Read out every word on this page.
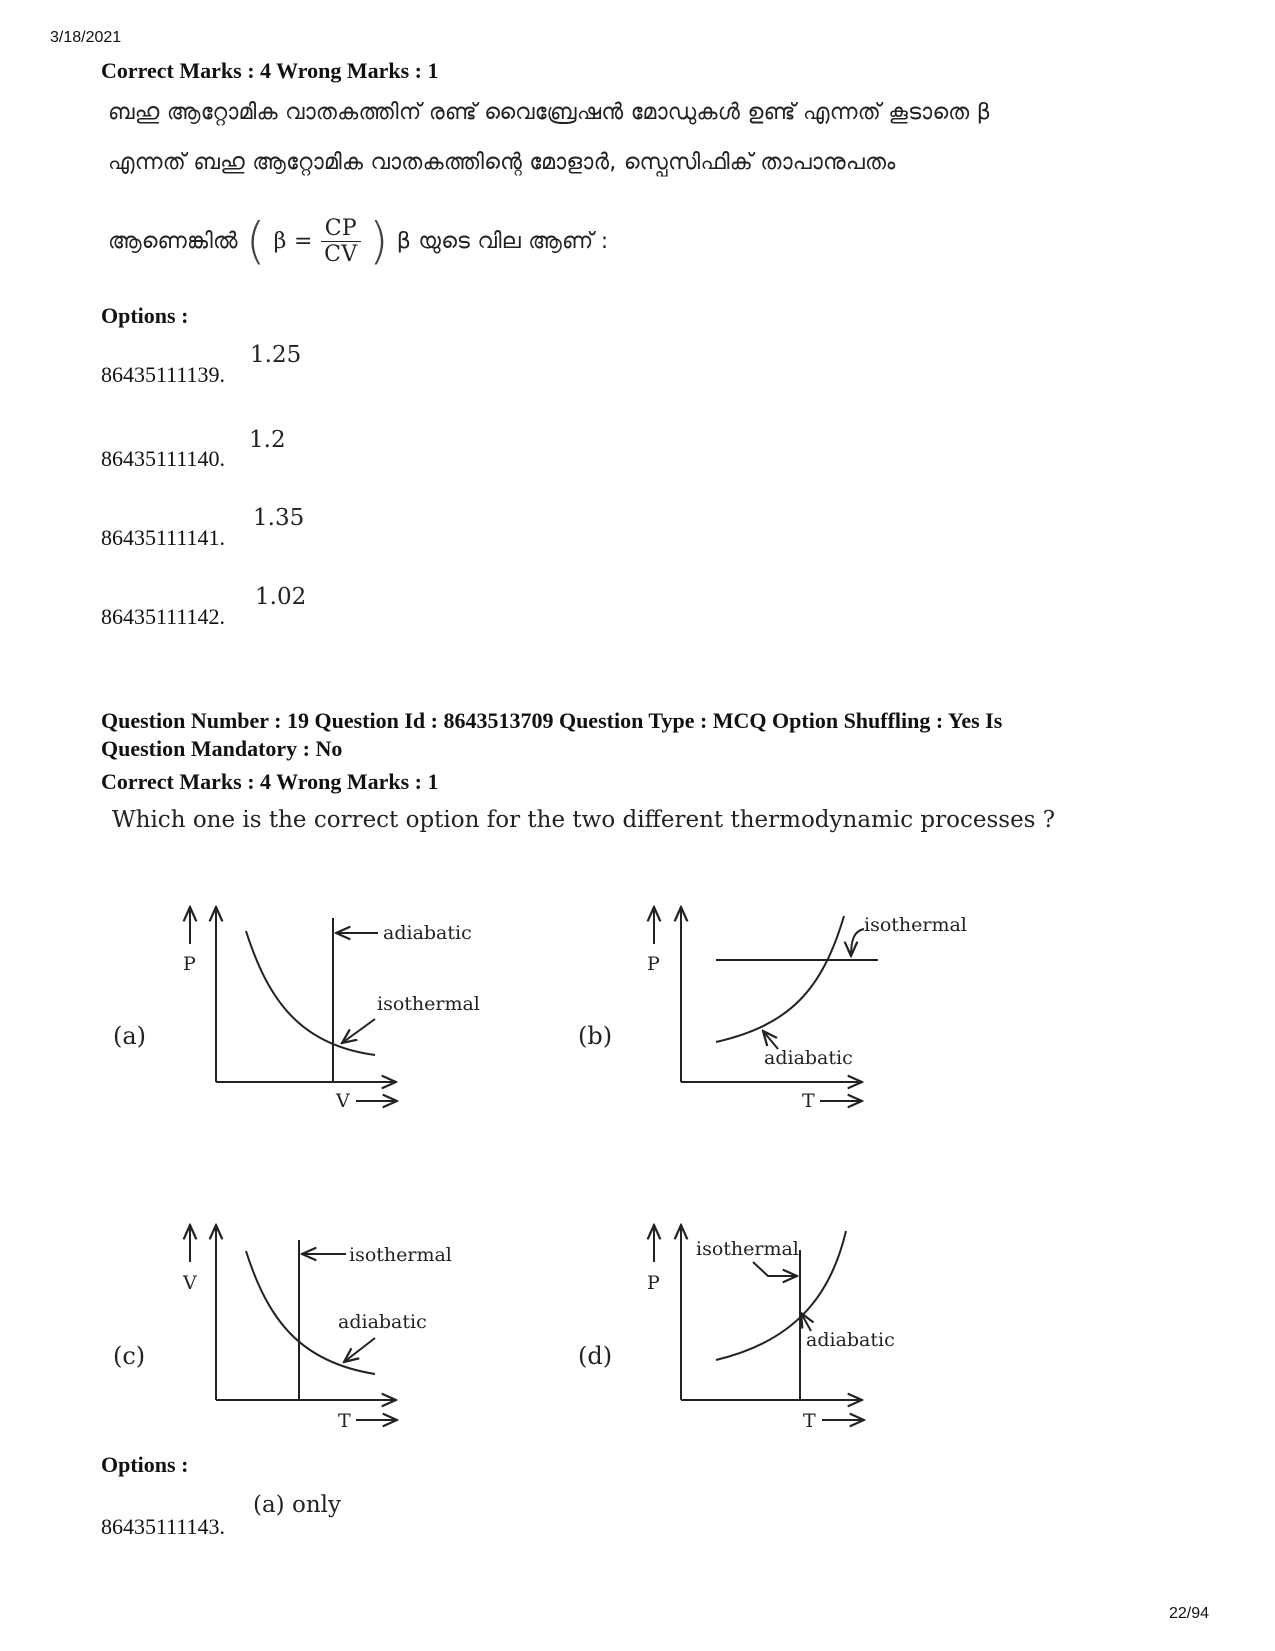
3/18/2021
Correct Marks : 4 Wrong Marks : 1
ബഹു ആറ്റോമിക വാതകത്തിന് രണ്ട് വൈബ്രേഷൻ മോഡുകൾ ഉണ്ട് എന്നത് കൂടാതെ β
എന്നത് ബഹു ആറ്റോമിക വാതകത്തിന്റെ മോളാർ, സ്പെസിഫിക് താപാനുപതം
ആണെങ്കിൽ ( $\beta = \frac{CP}{CV}$ ) β യുടെ വില ആണ് :
Options :
86435111139.
1.25
86435111140.
1.2
86435111141.
1.35
86435111142.
1.02
Question Number : 19 Question Id : 8643513709 Question Type : MCQ Option Shuffling : Yes Is
Question Mandatory : No
Correct Marks : 4 Wrong Marks : 1
Which one is the correct option for the two different thermodynamic processes ?
(a)
P
V
adiabatic
isothermal
(b)
P
T
isothermal
adiabatic
(c)
V
T
isothermal
adiabatic
(d)
P
T
isothermal
adiabatic
Options :
86435111143.
(a) only
22/94
